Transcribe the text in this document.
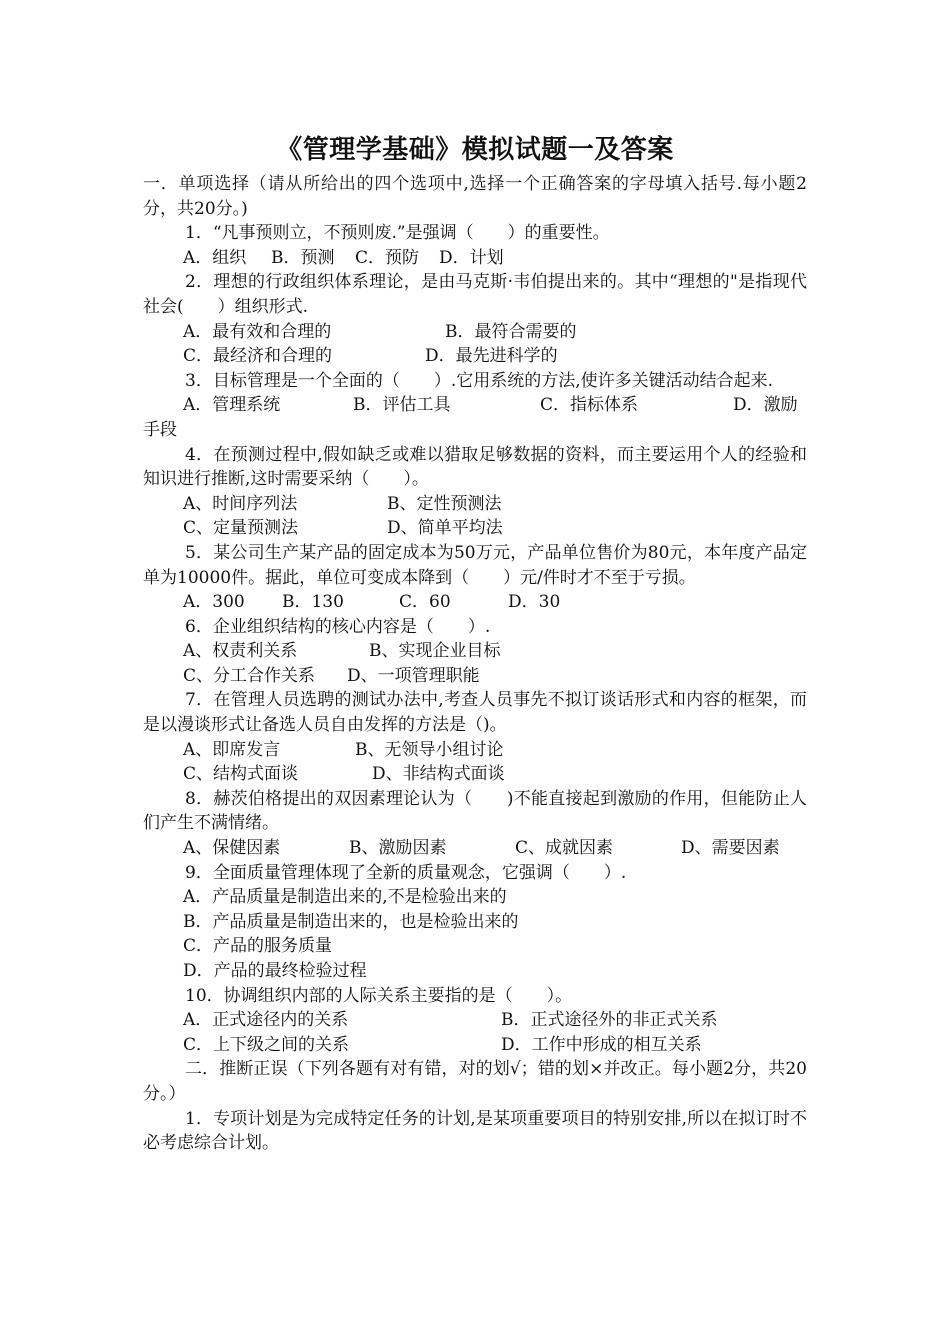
《管理学基础》模拟试题一及答案

一．单项选择（请从所给出的四个选项中,选择一个正确答案的字母填入括号.每小题2分，共20分。)

1．“凡事预则立，不预则废.”是强调（　　）的重要性。

A．组织 B．预测 C．预防 D．计划

2．理想的行政组织体系理论，是由马克斯·韦伯提出来的。其中“理想的"是指现代社会(　　）组织形式.

A．最有效和合理的	B．最符合需要的

C．最经济和合理的	D．最先进科学的

3．目标管理是一个全面的（　　）.它用系统的方法,使许多关键活动结合起来.

A．管理系统	B．评估工具	C．指标体系	D．激励

手段

4．在预测过程中,假如缺乏或难以猎取足够数据的资料，而主要运用个人的经验和知识进行推断,这时需要采纳（　　）。

A、时间序列法	B、定性预测法

C、定量预测法	D、简单平均法

5．某公司生产某产品的固定成本为50万元，产品单位售价为80元，本年度产品定单为10000件。据此，单位可变成本降到（　　）元/件时才不至于亏损。

A．300 B．130	C．60	D．30

6．企业组织结构的核心内容是（　　）.

A、权责利关系	B、实现企业目标

C、分工合作关系 D、一项管理职能

7．在管理人员选聘的测试办法中,考查人员事先不拟订谈话形式和内容的框架，而是以漫谈形式让备选人员自由发挥的方法是（)。

A、即席发言	B、无领导小组讨论

C、结构式面谈	D、非结构式面谈

8．赫茨伯格提出的双因素理论认为（　　)不能直接起到激励的作用，但能防止人们产生不满情绪。

A、保健因素	B、激励因素	C、成就因素	D、需要因素

9．全面质量管理体现了全新的质量观念，它强调（　　）.

A．产品质量是制造出来的,不是检验出来的

B．产品质量是制造出来的，也是检验出来的

C．产品的服务质量

D．产品的最终检验过程

10．协调组织内部的人际关系主要指的是（　　）。

A．正式途径内的关系	B．正式途径外的非正式关系

C．上下级之间的关系	D．工作中形成的相互关系

二．推断正误（下列各题有对有错，对的划√；错的划×并改正。每小题2分，共20分。）

1．专项计划是为完成特定任务的计划,是某项重要项目的特别安排,所以在拟订时不必考虑综合计划。
